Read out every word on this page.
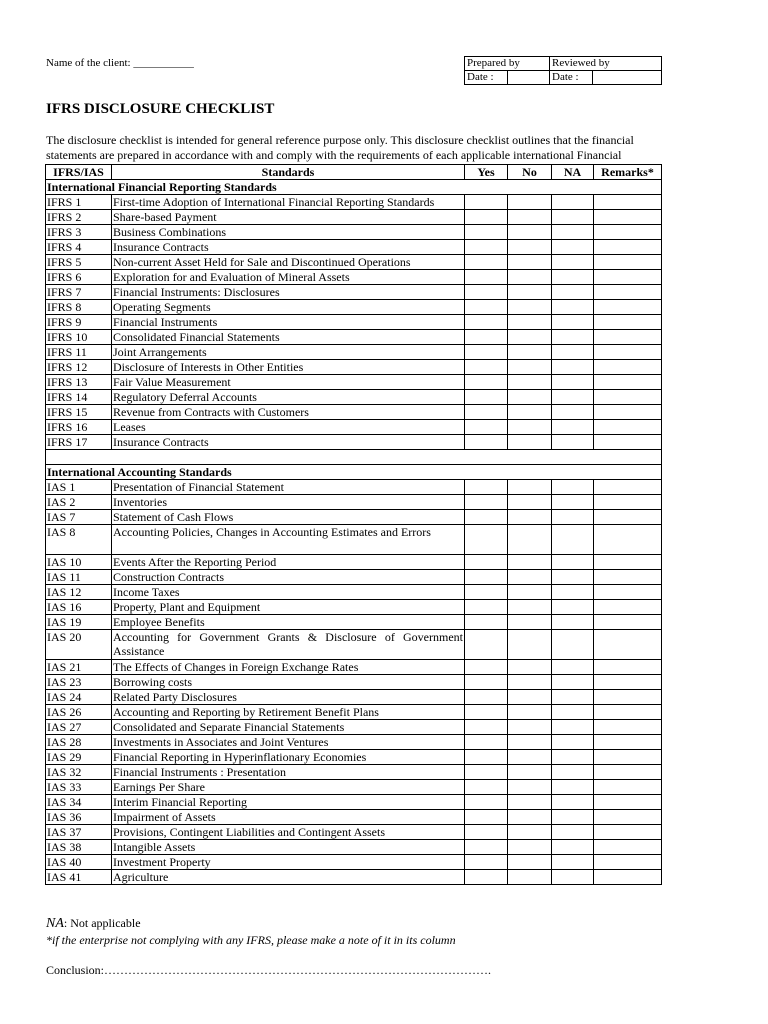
Name of the client: ___________	Prepared by		Reviewed by	
Date :		Date :	
IFRS DISCLOSURE CHECKLIST
The disclosure checklist is intended for general reference purpose only. This disclosure checklist outlines that the financial statements are prepared in accordance with and comply with the requirements of each applicable international Financial
IFRS/IAS	Standards	Yes	No	NA	Remarks*
International Financial Reporting Standards					
IFRS 1	First-time Adoption of International Financial Reporting Standards				
IFRS 2	Share-based Payment				
IFRS 3	Business Combinations				
IFRS 4	Insurance Contracts				
IFRS 5	Non-current Asset Held for Sale and Discontinued Operations				
IFRS 6	Exploration for and Evaluation of Mineral Assets				
IFRS 7	Financial Instruments: Disclosures				
IFRS 8	Operating Segments				
IFRS 9	Financial Instruments				
IFRS 10	Consolidated Financial Statements				
IFRS 11	Joint Arrangements				
IFRS 12	Disclosure of Interests in Other Entities				
IFRS 13	Fair Value Measurement				
IFRS 14	Regulatory Deferral Accounts				
IFRS 15	Revenue from Contracts with Customers				
IFRS 16	Leases				
IFRS 17	Insurance Contracts				

International Accounting Standards					
IAS 1	Presentation of Financial Statement				
IAS 2	Inventories				
IAS 7	Statement of Cash Flows				
IAS 8	Accounting Policies, Changes in Accounting Estimates and Errors				
IAS 10	Events After the Reporting Period				
IAS 11	Construction Contracts				
IAS 12	Income Taxes				
IAS 16	Property, Plant and Equipment				
IAS 19	Employee Benefits				
IAS 20	Accounting for Government Grants & Disclosure of Government Assistance				
IAS 21	The Effects of Changes in Foreign Exchange Rates				
IAS 23	Borrowing costs				
IAS 24	Related Party Disclosures				
IAS 26	Accounting and Reporting by Retirement Benefit Plans				
IAS 27	Consolidated and Separate Financial Statements				
IAS 28	Investments in Associates and Joint Ventures				
IAS 29	Financial Reporting in Hyperinflationary Economies				
IAS 32	Financial Instruments : Presentation				
IAS 33	Earnings Per Share				
IAS 34	Interim Financial Reporting				
IAS 36	Impairment of Assets				
IAS 37	Provisions, Contingent Liabilities and Contingent Assets				
IAS 38	Intangible Assets				
IAS 40	Investment Property				
IAS 41	Agriculture				
NA: Not applicable
*if the enterprise not complying with any IFRS, please make a note of it in its column
Conclusion:…………………………………………………………………………………….
